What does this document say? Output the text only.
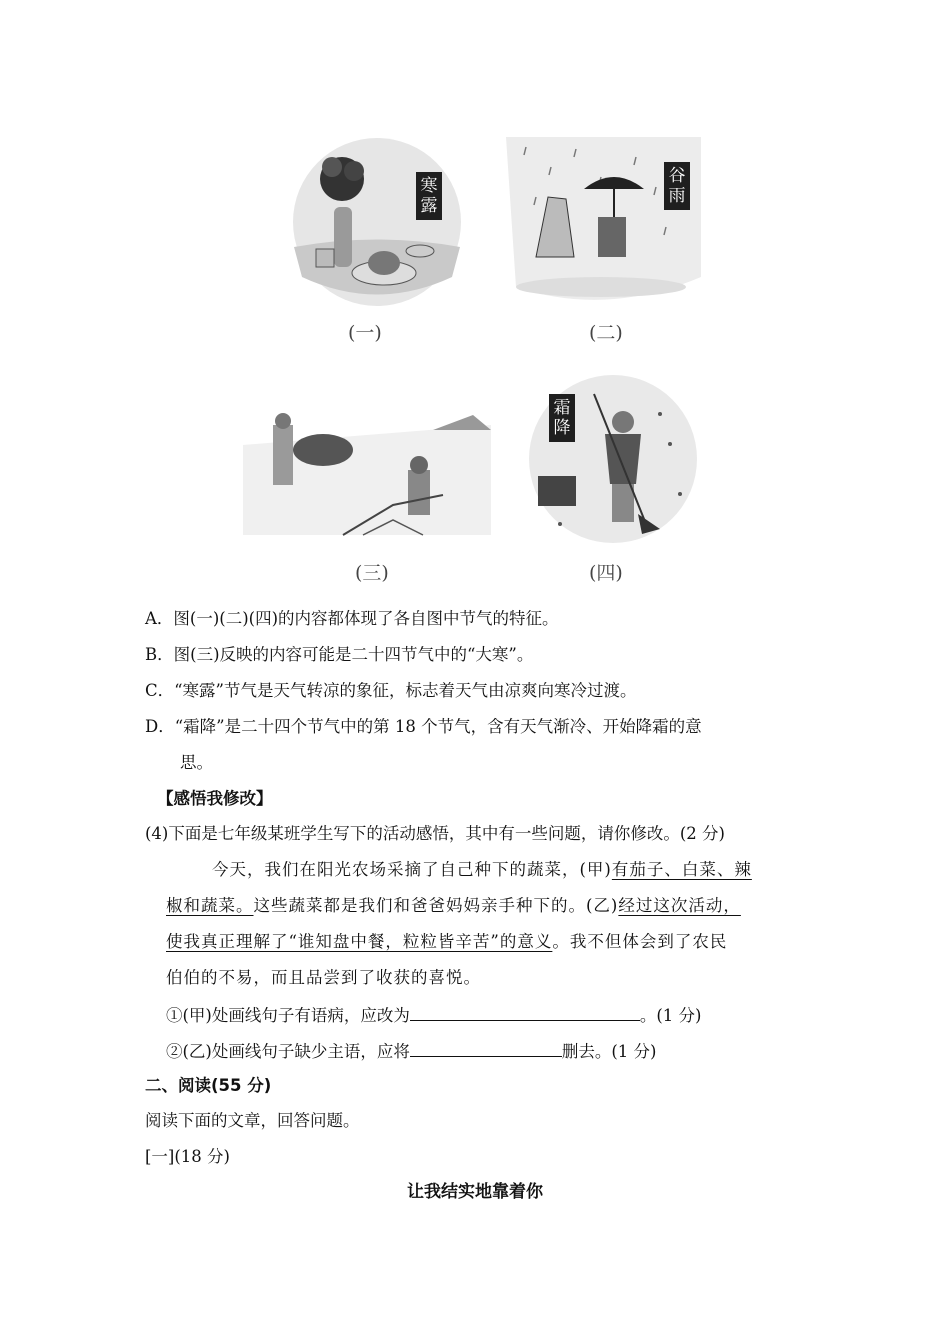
寒
露
(一)
谷
雨
(二)
(三)
霜
降
(四)
A．图(一)(二)(四)的内容都体现了各自图中节气的特征。
B．图(三)反映的内容可能是二十四节气中的“大寒”。
C．“寒露”节气是天气转凉的象征，标志着天气由凉爽向寒冷过渡。
D．“霜降”是二十四个节气中的第 18 个节气，含有天气渐冷、开始降霜的意
思。
【感悟我修改】
(4)下面是七年级某班学生写下的活动感悟，其中有一些问题，请你修改。(2 分)
今天，我们在阳光农场采摘了自己种下的蔬菜，(甲)有茄子、白菜、辣
椒和蔬菜。这些蔬菜都是我们和爸爸妈妈亲手种下的。(乙)经过这次活动，
使我真正理解了“谁知盘中餐，粒粒皆辛苦”的意义。我不但体会到了农民
伯伯的不易，而且品尝到了收获的喜悦。
①(甲)处画线句子有语病，应改为	。(1 分)
②(乙)处画线句子缺少主语，应将	删去。(1 分)
二、阅读(55 分)
阅读下面的文章，回答问题。
[一](18 分)
让我结实地靠着你
